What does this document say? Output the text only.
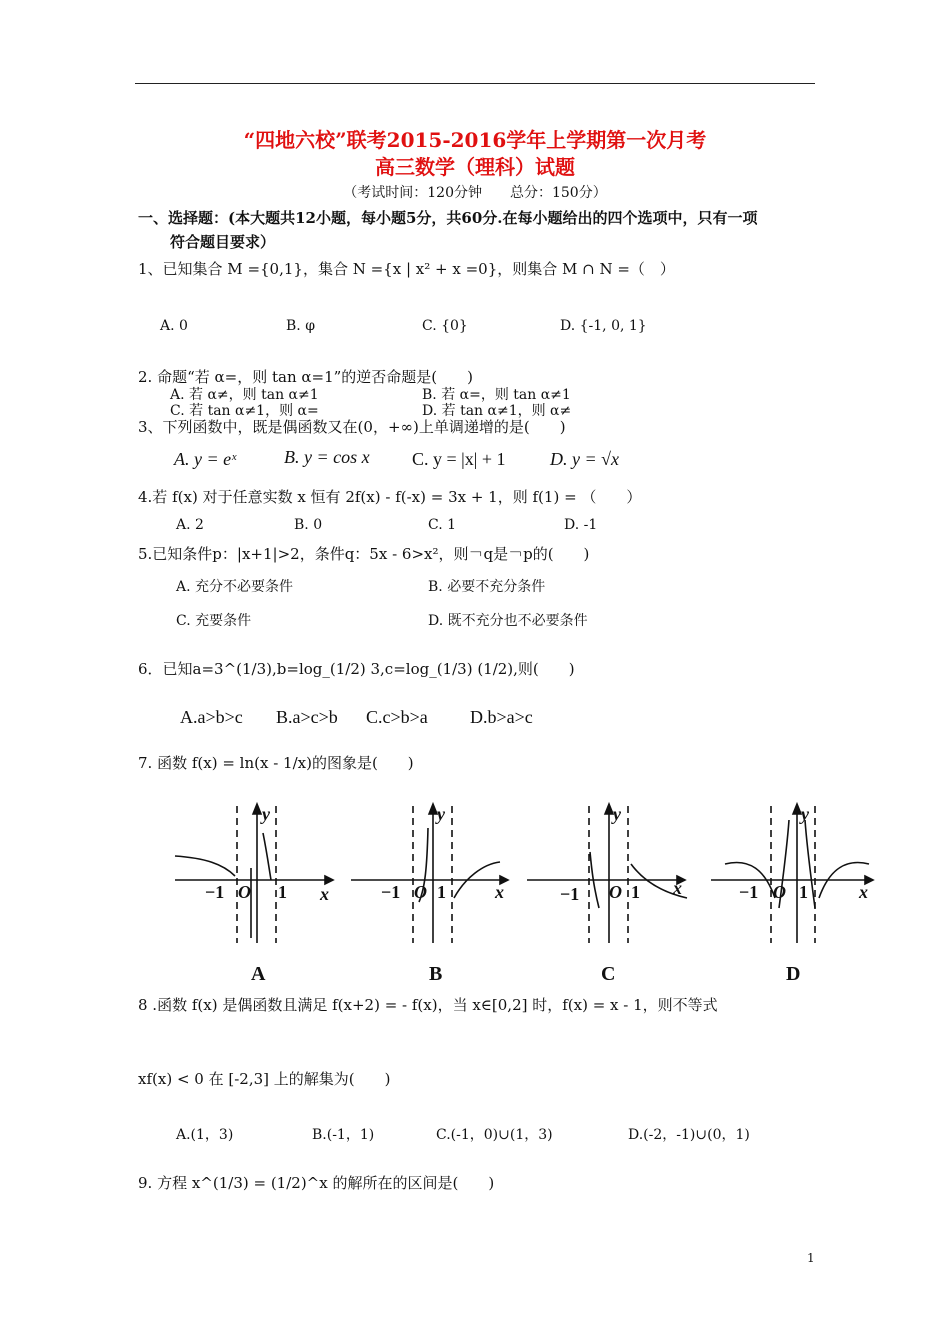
“四地六校”联考2015-2016学年上学期第一次月考
高三数学（理科）试题
（考试时间：120分钟　　总分：150分）
一、选择题：(本大题共12小题，每小题5分，共60分.在每小题给出的四个选项中，只有一项
符合题目要求）
1、已知集合 M ={0,1}，集合 N ={x | x² + x =0}，则集合 M ∩ N =（　）
A. 0	B. φ	C. {0}	D. {-1, 0, 1}
2. 命题“若 α=，则 tan α=1”的逆否命题是(　　)
A. 若 α≠，则 tan α≠1	B. 若 α=，则 tan α≠1
C. 若 tan α≠1，则 α=	D. 若 tan α≠1，则 α≠
3、下列函数中，既是偶函数又在(0，+∞)上单调递增的是(　　)
A. y = eˣ	B. y = cos x C. y = |x| + 1 D. y = √x
4.若 f(x) 对于任意实数 x 恒有 2f(x) - f(-x) = 3x + 1，则 f(1) = （　　）
A. 2	B. 0	C. 1	D. -1
5.已知条件p：|x+1|>2，条件q：5x - 6>x²，则￢q是￢p的(　　)
A. 充分不必要条件	B. 必要不充分条件
C. 充要条件	D. 既不充分也不必要条件
6．已知a=3^(1/3),b=log_(1/2) 3,c=log_(1/3) (1/2),则(　　)
A.a>b>c B.a>c>b C.c>b>a D.b>a>c
7. 函数 f(x) = ln(x - 1/x)的图象是(　　)
−1 O 1 x
y
−1 O 1	x
y
−1 O 1 x
y
−1 O 1	x
y
A	B	C	D
8 .函数 f(x) 是偶函数且满足 f(x+2) = - f(x)，当 x∈[0,2] 时，f(x) = x - 1，则不等式
xf(x) < 0 在 [-2,3] 上的解集为(　　)
A.(1，3)	B.(-1，1)	C.(-1，0)∪(1，3)	D.(-2，-1)∪(0，1)
9. 方程 x^(1/3) = (1/2)^x 的解所在的区间是(　　)
1
